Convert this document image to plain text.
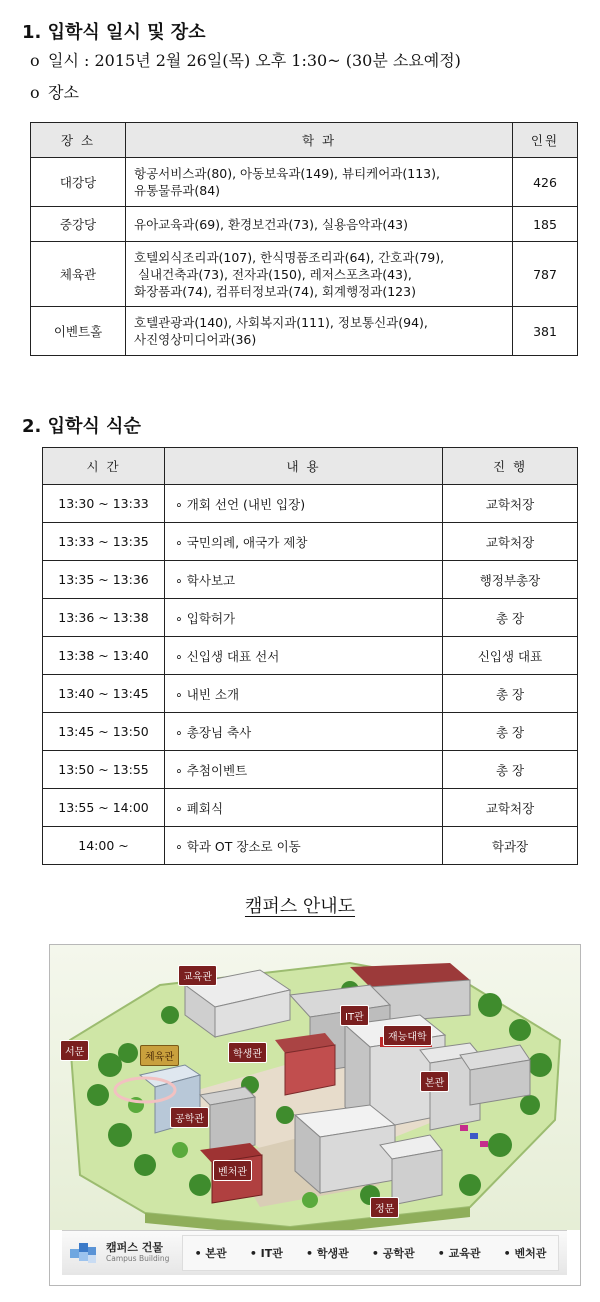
1. 입학식 일시 및 장소
o 일시 : 2015년 2월 26일(목) 오후 1:30~ (30분 소요예정)
o 장소
장 소	학 과	인원
대강당	항공서비스과(80), 아동보육과(149), 뷰티케어과(113),
유통물류과(84)	426
중강당	유아교육과(69), 환경보건과(73), 실용음악과(43)	185
체육관	호텔외식조리과(107), 한식명품조리과(64), 간호과(79),
실내건축과(73), 전자과(150), 레저스포츠과(43),
화장품과(74), 컴퓨터정보과(74), 회계행정과(123)	787
이벤트홀	호텔관광과(140), 사회복지과(111), 정보통신과(94),
사진영상미디어과(36)	381
2. 입학식 식순
시 간	내 용	진 행
13:30 ~ 13:33	∘ 개회 선언 (내빈 입장)	교학처장
13:33 ~ 13:35	∘ 국민의례, 애국가 제창	교학처장
13:35 ~ 13:36	∘ 학사보고	행정부총장
13:36 ~ 13:38	∘ 입학허가	총 장
13:38 ~ 13:40	∘ 신입생 대표 선서	신입생 대표
13:40 ~ 13:45	∘ 내빈 소개	총 장
13:45 ~ 13:50	∘ 총장님 축사	총 장
13:50 ~ 13:55	∘ 추첨이벤트	총 장
13:55 ~ 14:00	∘ 폐회식	교학처장
14:00 ~	∘ 학과 OT 장소로 이동	학과장
캠퍼스 안내도
교육관
IT관
서문	체육관	학생관
재능대학
본관
공학관
벤처관
정문
캠퍼스 건물
Campus Building • 본관 • IT관 • 학생관 • 공학관 • 교육관 • 벤처관
